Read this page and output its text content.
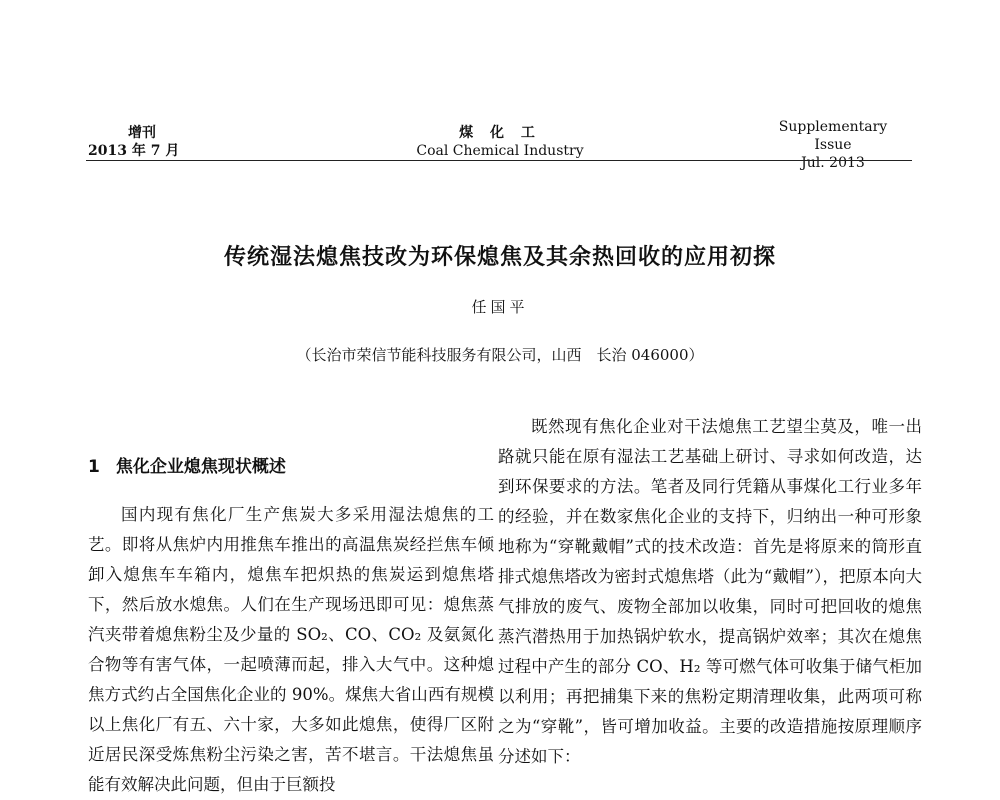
增刊
2013 年 7 月
煤 化 工
Coal Chemical Industry
Supplementary Issue
Jul. 2013
传统湿法熄焦技改为环保熄焦及其余热回收的应用初探
任国平
（长治市荣信节能科技服务有限公司，山西　长治 046000）
1 焦化企业熄焦现状概述

国内现有焦化厂生产焦炭大多采用湿法熄焦的工艺。即将从焦炉内用推焦车推出的高温焦炭经拦焦车倾卸入熄焦车车箱内，熄焦车把炽热的焦炭运到熄焦塔下，然后放水熄焦。人们在生产现场迅即可见：熄焦蒸汽夹带着熄焦粉尘及少量的 SO₂、CO、CO₂ 及氨氮化合物等有害气体，一起喷薄而起，排入大气中。这种熄焦方式约占全国焦化企业的 90%。煤焦大省山西有规模以上焦化厂有五、六十家，大多如此熄焦，使得厂区附近居民深受炼焦粉尘污染之害，苦不堪言。干法熄焦虽能有效解决此问题，但由于巨额投

既然现有焦化企业对干法熄焦工艺望尘莫及，唯一出路就只能在原有湿法工艺基础上研讨、寻求如何改造，达到环保要求的方法。笔者及同行凭籍从事煤化工行业多年的经验，并在数家焦化企业的支持下，归纳出一种可形象地称为“穿靴戴帽”式的技术改造：首先是将原来的筒形直排式熄焦塔改为密封式熄焦塔（此为“戴帽”），把原本向大气排放的废气、废物全部加以收集，同时可把回收的熄焦蒸汽潜热用于加热锅炉软水，提高锅炉效率；其次在熄焦过程中产生的部分 CO、H₂ 等可燃气体可收集于储气柜加以利用；再把捕集下来的焦粉定期清理收集，此两项可称之为“穿靴”，皆可增加收益。主要的改造措施按原理顺序分述如下：
